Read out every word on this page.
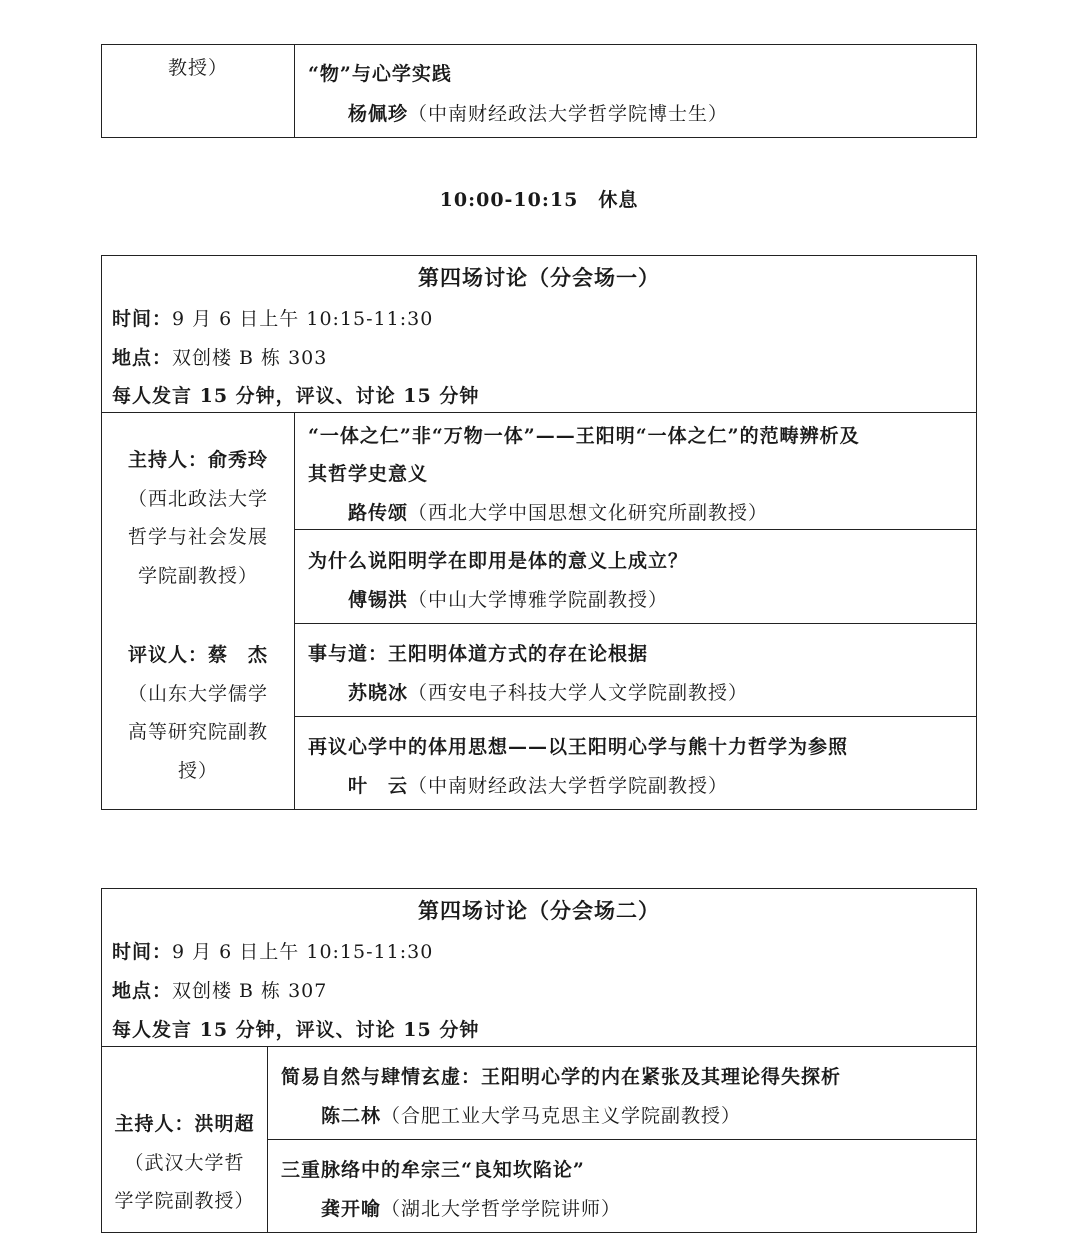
教授）	“物”与心学实践
杨佩珍（中南财经政法大学哲学院博士生）
10:00-10:15　休息
第四场讨论（分会场一）
时间：9 月 6 日上午 10:15-11:30
地点：双创楼 B 栋 303
每人发言 15 分钟，评议、讨论 15 分钟
主持人：俞秀玲
（西北政法大学
哲学与社会发展
学院副教授）
评议人：蔡　杰
（山东大学儒学
高等研究院副教
授）
“一体之仁”非“万物一体”——王阳明“一体之仁”的范畴辨析及
其哲学史意义
路传颂（西北大学中国思想文化研究所副教授）
为什么说阳明学在即用是体的意义上成立？
傅锡洪（中山大学博雅学院副教授）
事与道：王阳明体道方式的存在论根据
苏晓冰（西安电子科技大学人文学院副教授）
再议心学中的体用思想——以王阳明心学与熊十力哲学为参照
叶　云（中南财经政法大学哲学院副教授）
第四场讨论（分会场二）
时间：9 月 6 日上午 10:15-11:30
地点：双创楼 B 栋 307
每人发言 15 分钟，评议、讨论 15 分钟
主持人：洪明超
（武汉大学哲
学学院副教授）
简易自然与肆情玄虚：王阳明心学的内在紧张及其理论得失探析
陈二林（合肥工业大学马克思主义学院副教授）
三重脉络中的牟宗三“良知坎陷论”
龚开喻（湖北大学哲学学院讲师）
